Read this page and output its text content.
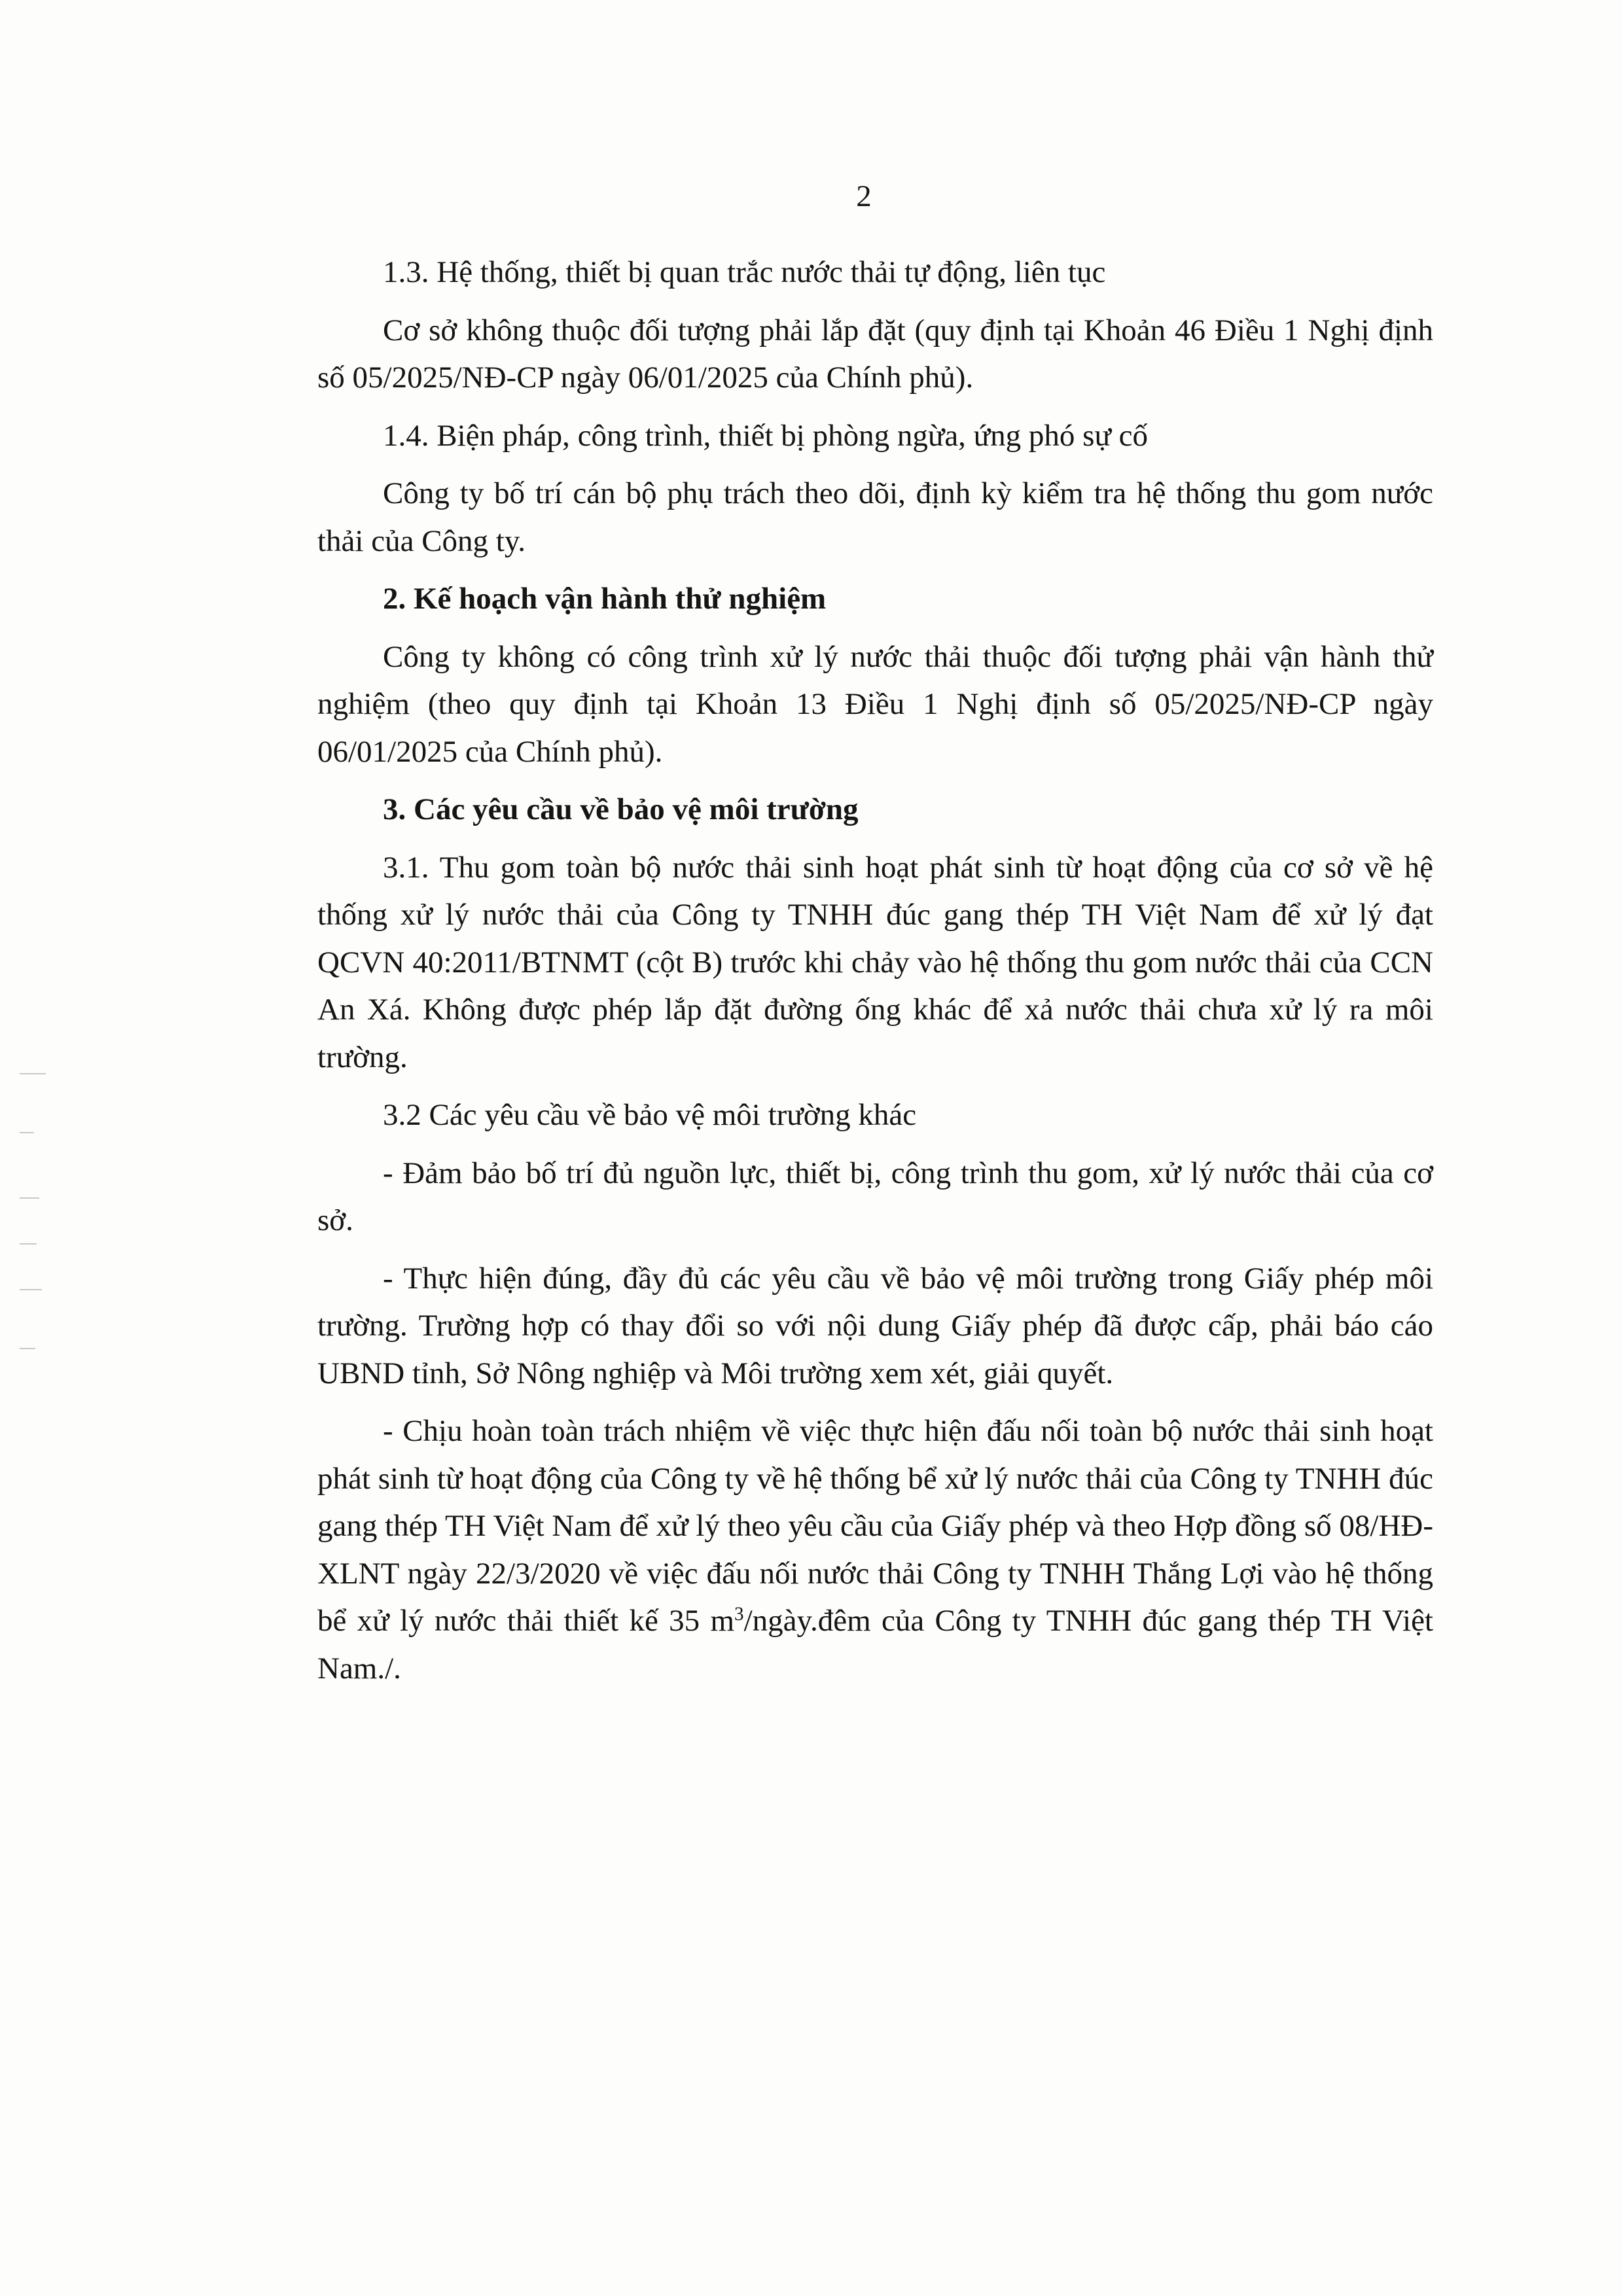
2

1.3. Hệ thống, thiết bị quan trắc nước thải tự động, liên tục

Cơ sở không thuộc đối tượng phải lắp đặt (quy định tại Khoản 46 Điều 1 Nghị định số 05/2025/NĐ-CP ngày 06/01/2025 của Chính phủ).

1.4. Biện pháp, công trình, thiết bị phòng ngừa, ứng phó sự cố

Công ty bố trí cán bộ phụ trách theo dõi, định kỳ kiểm tra hệ thống thu gom nước thải của Công ty.

2. Kế hoạch vận hành thử nghiệm

Công ty không có công trình xử lý nước thải thuộc đối tượng phải vận hành thử nghiệm (theo quy định tại Khoản 13 Điều 1 Nghị định số 05/2025/NĐ-CP ngày 06/01/2025 của Chính phủ).

3. Các yêu cầu về bảo vệ môi trường

3.1. Thu gom toàn bộ nước thải sinh hoạt phát sinh từ hoạt động của cơ sở về hệ thống xử lý nước thải của Công ty TNHH đúc gang thép TH Việt Nam để xử lý đạt QCVN 40:2011/BTNMT (cột B) trước khi chảy vào hệ thống thu gom nước thải của CCN An Xá. Không được phép lắp đặt đường ống khác để xả nước thải chưa xử lý ra môi trường.

3.2 Các yêu cầu về bảo vệ môi trường khác

- Đảm bảo bố trí đủ nguồn lực, thiết bị, công trình thu gom, xử lý nước thải của cơ sở.

- Thực hiện đúng, đầy đủ các yêu cầu về bảo vệ môi trường trong Giấy phép môi trường. Trường hợp có thay đổi so với nội dung Giấy phép đã được cấp, phải báo cáo UBND tỉnh, Sở Nông nghiệp và Môi trường xem xét, giải quyết.

- Chịu hoàn toàn trách nhiệm về việc thực hiện đấu nối toàn bộ nước thải sinh hoạt phát sinh từ hoạt động của Công ty về hệ thống bể xử lý nước thải của Công ty TNHH đúc gang thép TH Việt Nam để xử lý theo yêu cầu của Giấy phép và theo Hợp đồng số 08/HĐ-XLNT ngày 22/3/2020 về việc đấu nối nước thải Công ty TNHH Thắng Lợi vào hệ thống bể xử lý nước thải thiết kế 35 $m^3/ngày.đêm$ của Công ty TNHH đúc gang thép TH Việt Nam./.
